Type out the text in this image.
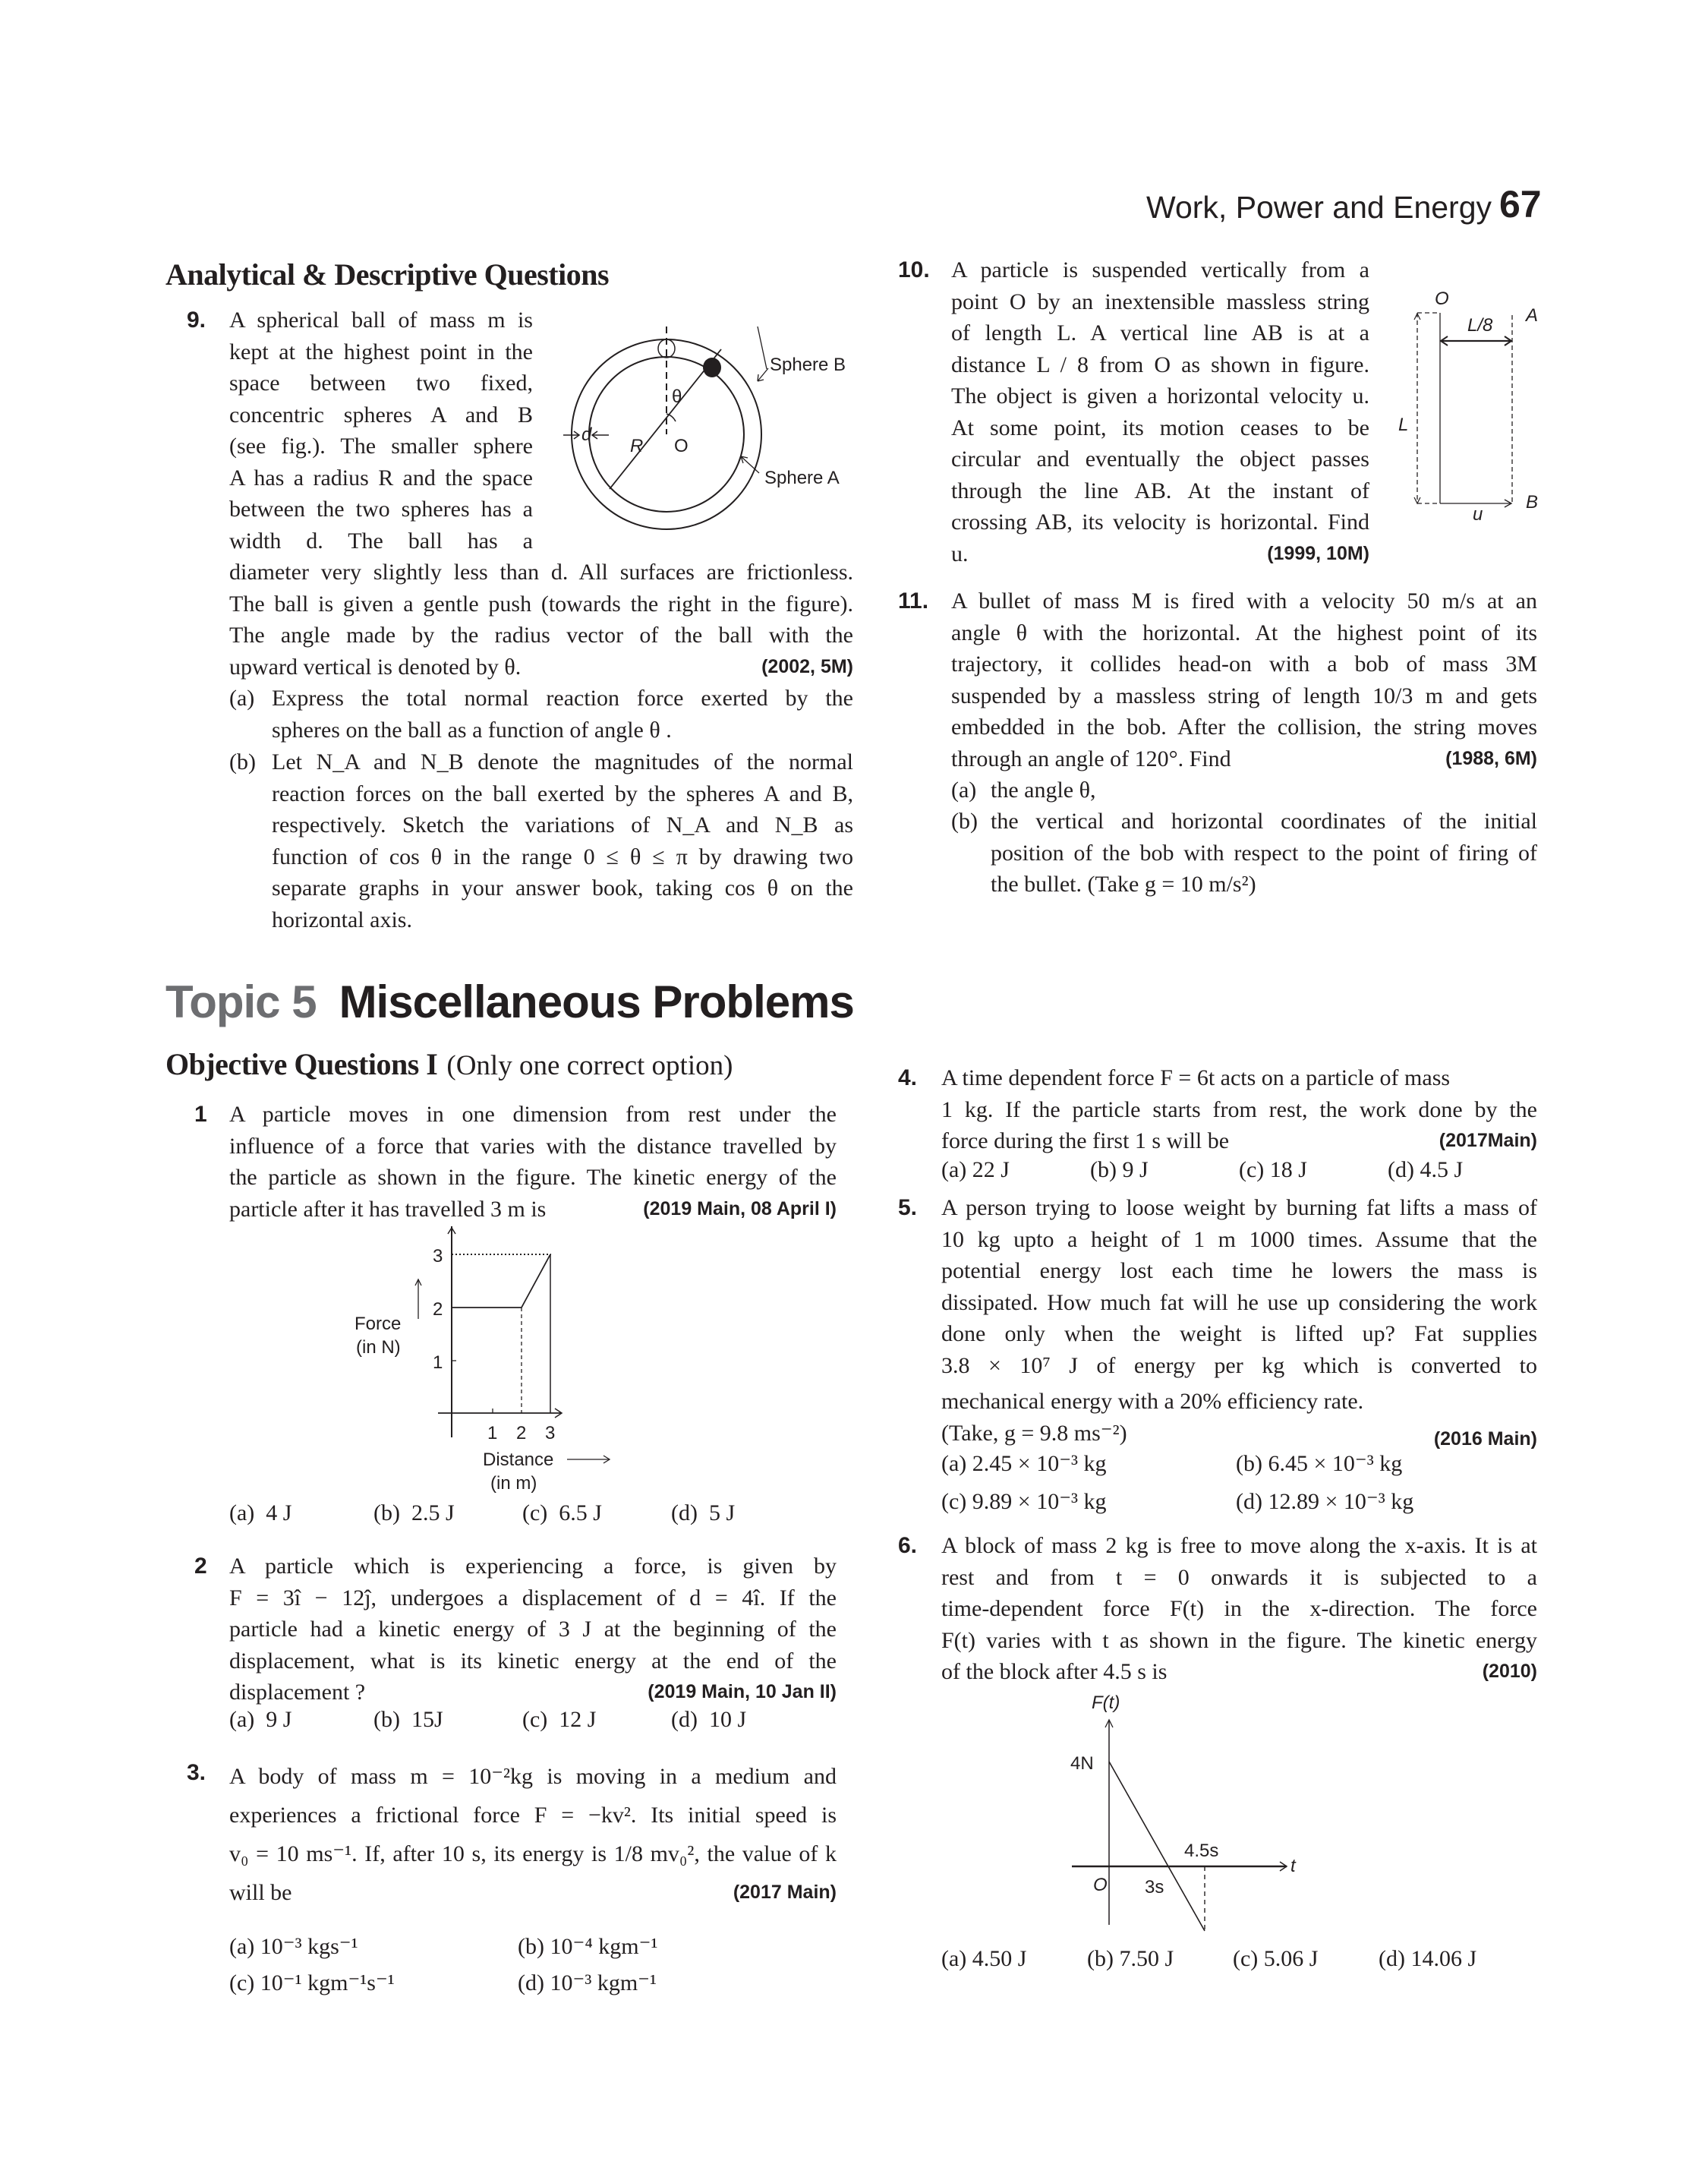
Work, Power and Energy 67
Analytical & Descriptive Questions
9. A spherical ball of mass m is
kept at the highest point in the
space between two fixed,
concentric spheres A and B
(see fig.). The smaller sphere
A has a radius R and the space
between the two spheres has a
width d. The ball has a
diameter very slightly less than d. All surfaces are frictionless.
The ball is given a gentle push (towards the right in the figure).
The angle made by the radius vector of the ball with the
upward vertical is denoted by θ.	(2002, 5M)
(a) Express the total normal reaction force exerted by the
spheres on the ball as a function of angle θ .
(b) Let N_A and N_B denote the magnitudes of the normal
reaction forces on the ball exerted by the spheres A and B,
respectively. Sketch the variations of N_A and N_B as
function of cos θ in the range 0 ≤ θ ≤ π by drawing two
separate graphs in your answer book, taking cos θ on the
horizontal axis.
θ
O
R
d
Sphere B
Sphere A
10. A particle is suspended vertically from a
point O by an inextensible massless string
of length L. A vertical line AB is at a
distance L / 8 from O as shown in figure.
The object is given a horizontal velocity u.
At some point, its motion ceases to be
circular and eventually the object passes
through the line AB. At the instant of
crossing AB, its velocity is horizontal. Find
u.	(1999, 10M)
O
A
L/8
L
u
B
11. A bullet of mass M is fired with a velocity 50 m/s at an
angle θ with the horizontal. At the highest point of its
trajectory, it collides head-on with a bob of mass 3M
suspended by a massless string of length 10/3 m and gets
embedded in the bob. After the collision, the string moves
through an angle of 120°. Find	(1988, 6M)
(a) the angle θ,
(b) the vertical and horizontal coordinates of the initial
position of the bob with respect to the point of firing of
the bullet. (Take g = 10 m/s²)
Topic 5 Miscellaneous Problems
Objective Questions I (Only one correct option)
1 A particle moves in one dimension from rest under the
influence of a force that varies with the distance travelled by
the particle as shown in the figure. The kinetic energy of the
particle after it has travelled 3 m is	(2019 Main, 08 April I)
3
2
1
1 2 3
Force
(in N)
Distance
(in m)
(a) 4 J	(b) 2.5 J	(c) 6.5 J	(d) 5 J
2 A particle which is experiencing a force, is given by
F = 3î − 12ĵ, undergoes a displacement of d = 4î. If the
particle had a kinetic energy of 3 J at the beginning of the
displacement, what is its kinetic energy at the end of the
displacement ?	(2019 Main, 10 Jan II)
(a) 9 J	(b) 15J	(c) 12 J	(d) 10 J
3. A body of mass m = 10⁻²kg is moving in a medium and
experiences a frictional force F = −kv². Its initial speed is
v₀ = 10 ms⁻¹. If, after 10 s, its energy is 1/8 mv₀², the value of k
will be	(2017 Main)
(a) 10⁻³ kgs⁻¹	(b) 10⁻⁴ kgm⁻¹
(c) 10⁻¹ kgm⁻¹s⁻¹	(d) 10⁻³ kgm⁻¹
4. A time dependent force F = 6t acts on a particle of mass
1 kg. If the particle starts from rest, the work done by the
force during the first 1 s will be	(2017Main)
(a) 22 J	(b) 9 J	(c) 18 J	(d) 4.5 J
5. A person trying to loose weight by burning fat lifts a mass of
10 kg upto a height of 1 m 1000 times. Assume that the
potential energy lost each time he lowers the mass is
dissipated. How much fat will he use up considering the work
done only when the weight is lifted up? Fat supplies
3.8 × 10⁷ J of energy per kg which is converted to
mechanical energy with a 20% efficiency rate.
(Take, g = 9.8 ms⁻²)	(2016 Main)
(a) 2.45 × 10⁻³ kg	(b) 6.45 × 10⁻³ kg
(c) 9.89 × 10⁻³ kg	(d) 12.89 × 10⁻³ kg
6. A block of mass 2 kg is free to move along the x-axis. It is at
rest and from t = 0 onwards it is subjected to a
time-dependent force F(t) in the x-direction. The force
F(t) varies with t as shown in the figure. The kinetic energy
of the block after 4.5 s is	(2010)
F(t)
t
4N
O 3s
4.5s
(a) 4.50 J	(b) 7.50 J	(c) 5.06 J	(d) 14.06 J
